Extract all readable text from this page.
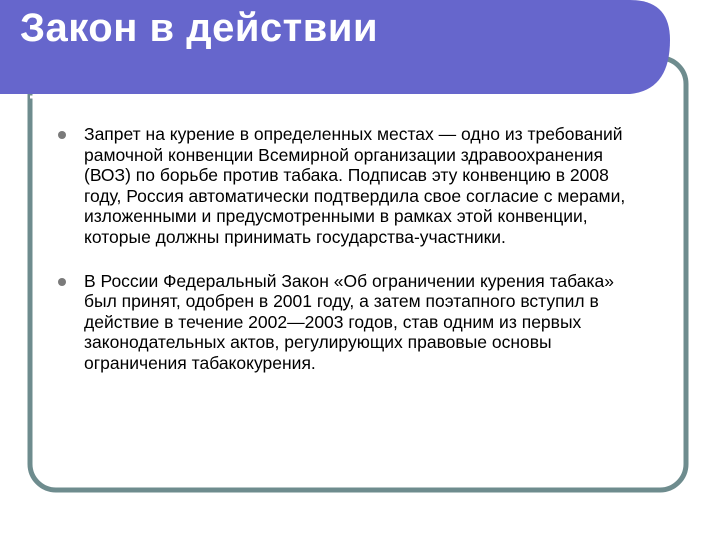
Закон в действии
Запрет на курение в определенных местах — одно из требований рамочной конвенции Всемирной организации здравоохранения (ВОЗ) по борьбе против табака. Подписав эту конвенцию в 2008 году, Россия автоматически подтвердила свое согласие с мерами, изложенными и предусмотренными в рамках этой конвенции, которые должны принимать государства-участники.
В России Федеральный Закон «Об ограничении курения табака» был принят, одобрен в 2001 году, а затем поэтапного вступил в действие в течение 2002—2003 годов, став одним из первых законодательных актов, регулирующих правовые основы ограничения табакокурения.
